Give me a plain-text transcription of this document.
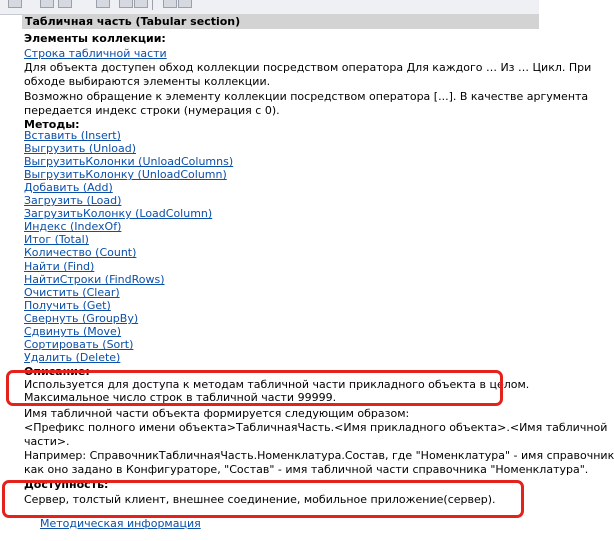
Табличная часть (Tabular section)
Элементы коллекции:
Строка табличной части
Для объекта доступен обход коллекции посредством оператора Для каждого … Из … Цикл. При
обходе выбираются элементы коллекции.
Возможно обращение к элементу коллекции посредством оператора [...]. В качестве аргумента
передается индекс строки (нумерация с 0).
Методы:
Вставить (Insert)
Выгрузить (Unload)
ВыгрузитьКолонки (UnloadColumns)
ВыгрузитьКолонку (UnloadColumn)
Добавить (Add)
Загрузить (Load)
ЗагрузитьКолонку (LoadColumn)
Индекс (IndexOf)
Итог (Total)
Количество (Count)
Найти (Find)
НайтиСтроки (FindRows)
Очистить (Clear)
Получить (Get)
Свернуть (GroupBy)
Сдвинуть (Move)
Сортировать (Sort)
Удалить (Delete)
Описание:
Используется для доступа к методам табличной части прикладного объекта в целом.
Максимальное число строк в табличной части 99999.
Имя табличной части объекта формируется следующим образом:
<Префикс полного имени объекта>ТабличнаяЧасть.<Имя прикладного объекта>.<Имя табличной
части>.
Например: СправочникТабличнаяЧасть.Номенклатура.Состав, где "Номенклатура" - имя справочник
как оно задано в Конфигураторе, "Состав" - имя табличной части справочника "Номенклатура".
Доступность:
Сервер, толстый клиент, внешнее соединение, мобильное приложение(сервер).
Методическая информация
